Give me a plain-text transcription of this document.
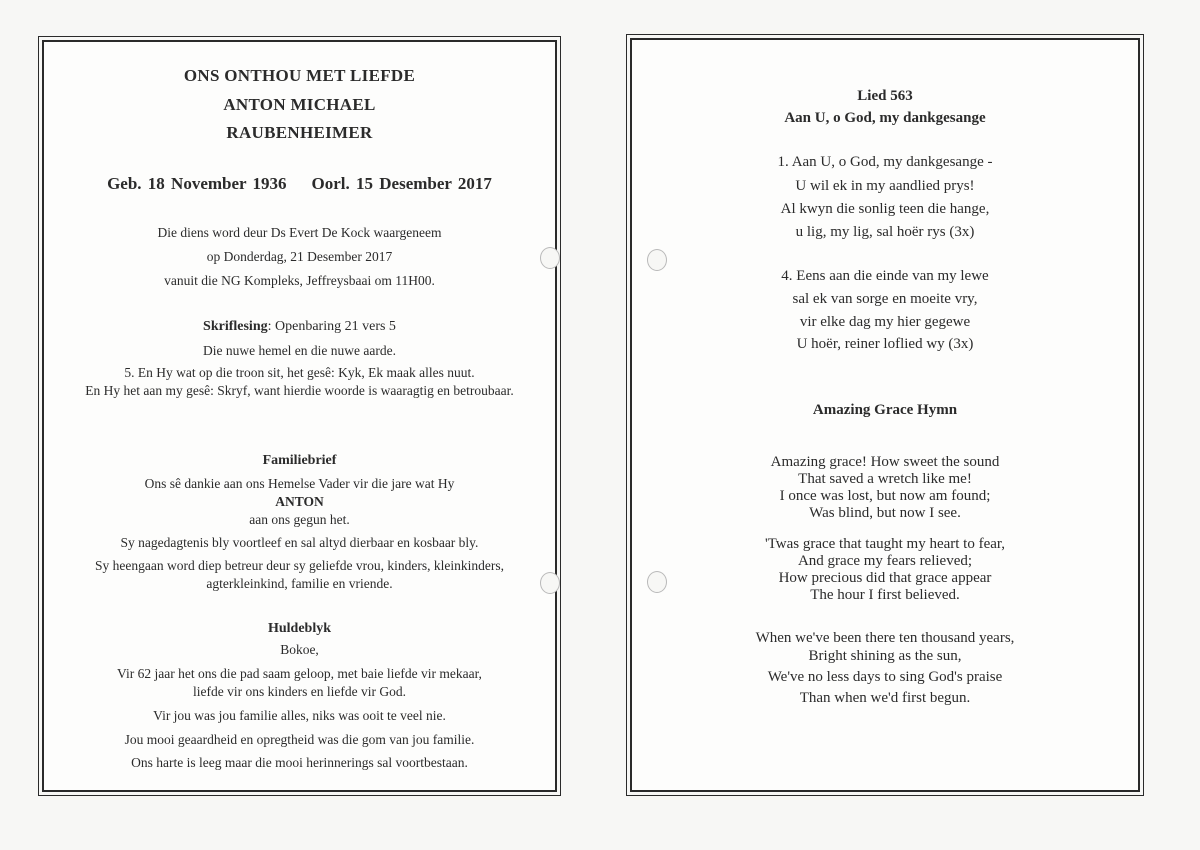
ONS ONTHOU MET LIEFDE

ANTON MICHAEL

RAUBENHEIMER

Geb. 18 November 1936 Oorl. 15 Desember 2017

Die diens word deur Ds Evert De Kock waargeneem

op Donderdag, 21 Desember 2017

vanuit die NG Kompleks, Jeffreysbaai om 11H00.

Skriflesing: Openbaring 21 vers 5

Die nuwe hemel en die nuwe aarde.

5. En Hy wat op die troon sit, het gesê: Kyk, Ek maak alles nuut.

En Hy het aan my gesê: Skryf, want hierdie woorde is waaragtig en betroubaar.

Familiebrief

Ons sê dankie aan ons Hemelse Vader vir die jare wat Hy

ANTON

aan ons gegun het.

Sy nagedagtenis bly voortleef en sal altyd dierbaar en kosbaar bly.

Sy heengaan word diep betreur deur sy geliefde vrou, kinders, kleinkinders,

agterkleinkind, familie en vriende.

Huldeblyk

Bokoe,

Vir 62 jaar het ons die pad saam geloop, met baie liefde vir mekaar,

liefde vir ons kinders en liefde vir God.

Vir jou was jou familie alles, niks was ooit te veel nie.

Jou mooi geaardheid en opregtheid was die gom van jou familie.

Ons harte is leeg maar die mooi herinnerings sal voortbestaan.

Lied 563

Aan U, o God, my dankgesange

1. Aan U, o God, my dankgesange -

U wil ek in my aandlied prys!

Al kwyn die sonlig teen die hange,

u lig, my lig, sal hoër rys (3x)

4. Eens aan die einde van my lewe

sal ek van sorge en moeite vry,

vir elke dag my hier gegewe

U hoër, reiner loflied wy (3x)

Amazing Grace Hymn

Amazing grace! How sweet the sound

That saved a wretch like me!

I once was lost, but now am found;

Was blind, but now I see.

'Twas grace that taught my heart to fear,

And grace my fears relieved;

How precious did that grace appear

The hour I first believed.

When we've been there ten thousand years,

Bright shining as the sun,

We've no less days to sing God's praise

Than when we'd first begun.
